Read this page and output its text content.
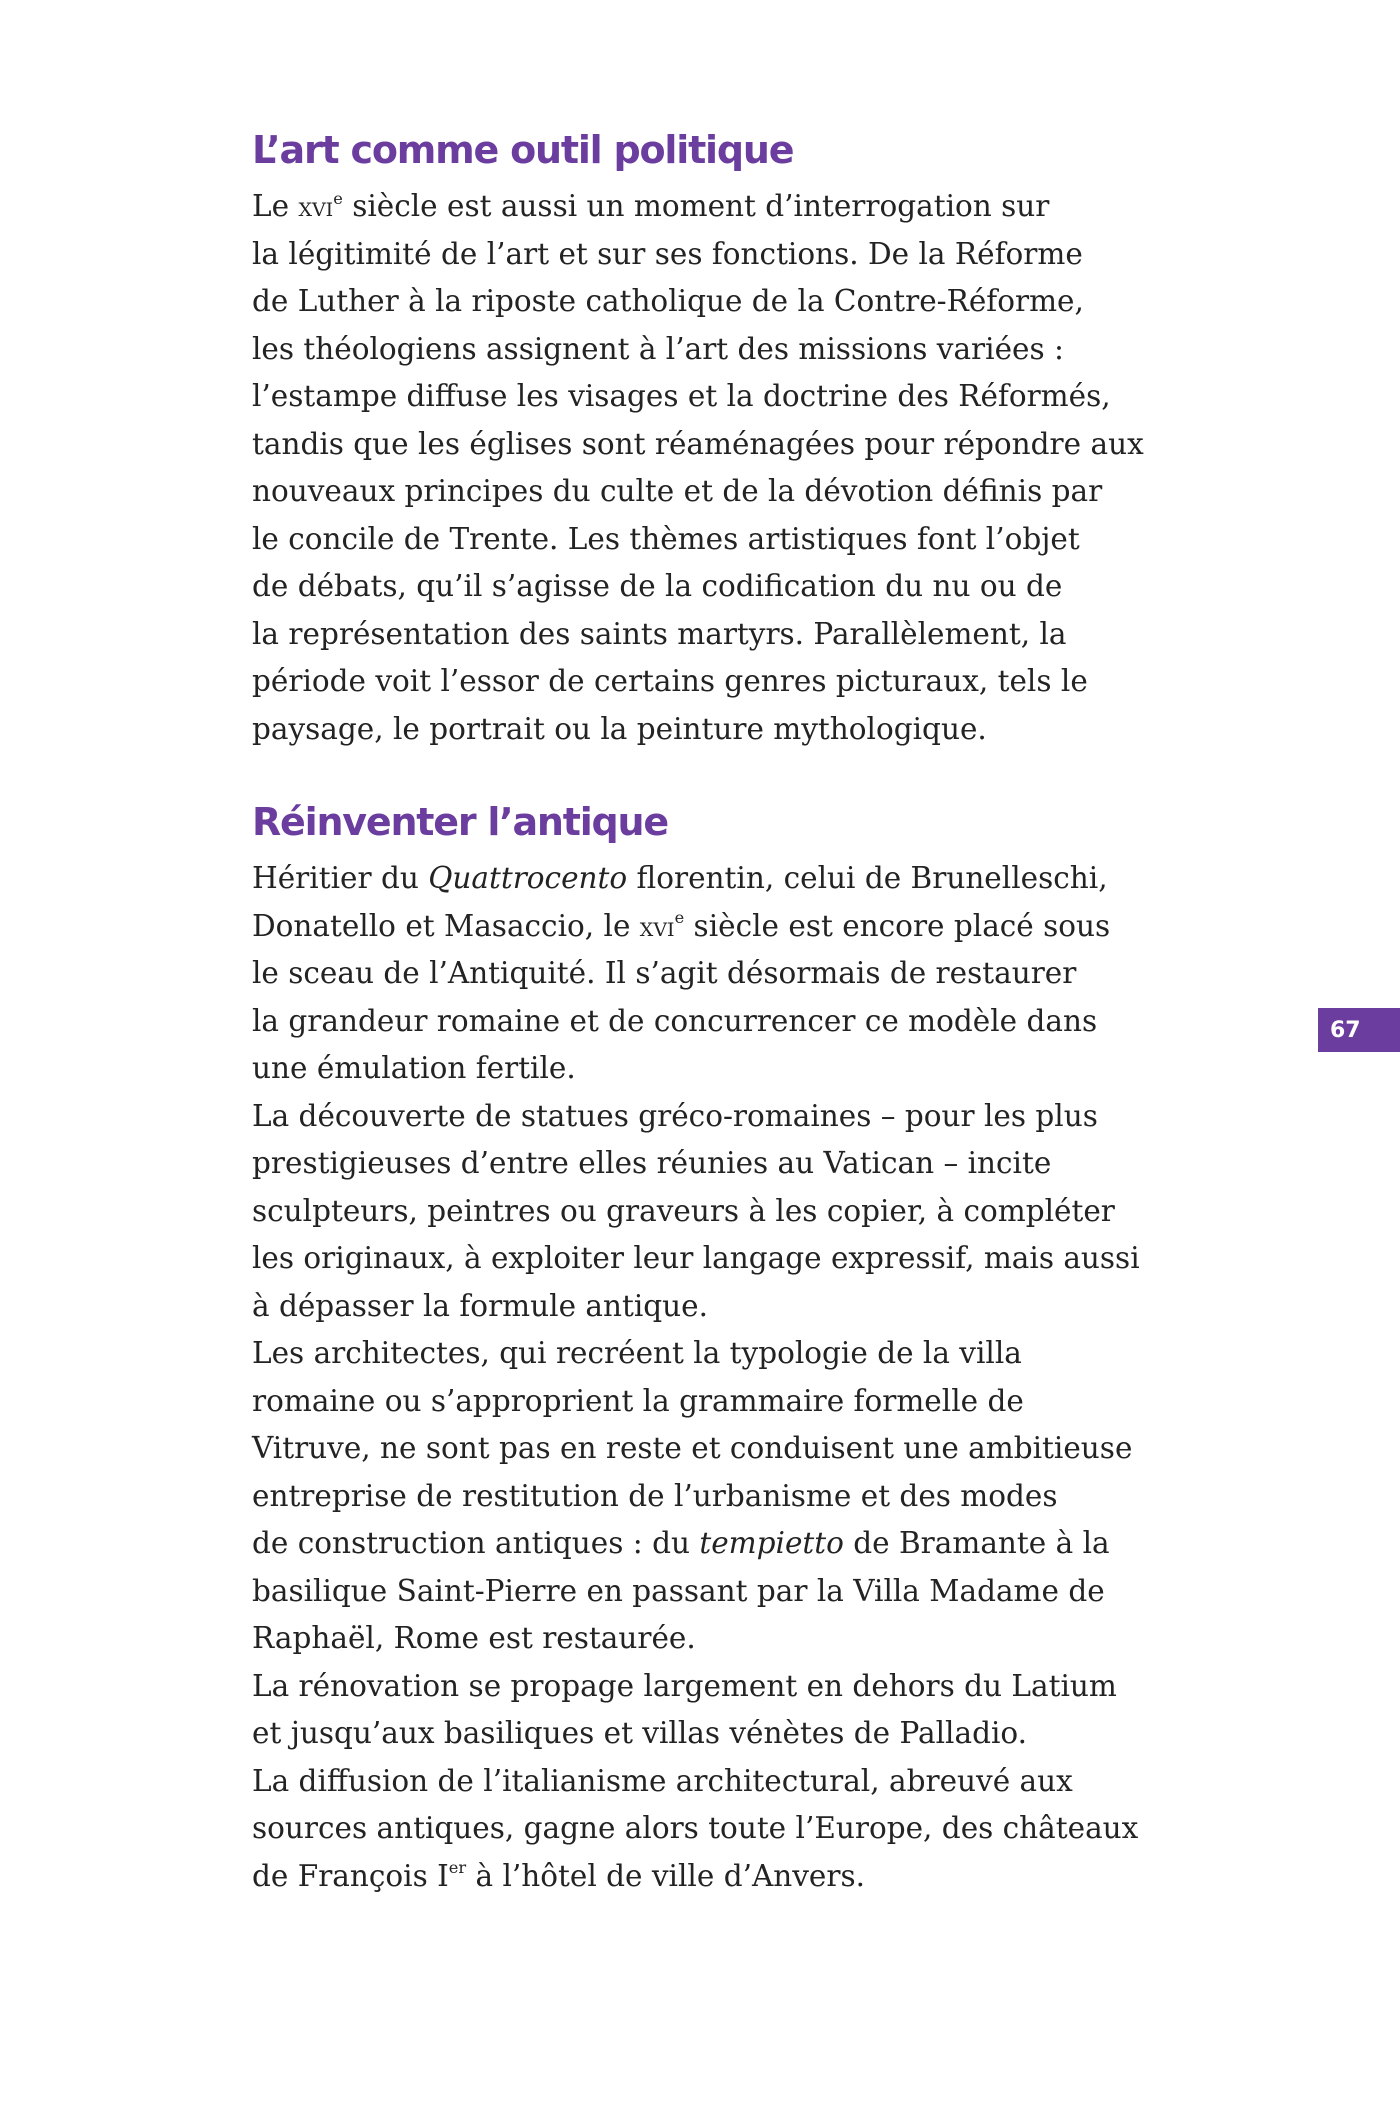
L’art comme outil politique

Le xvi$^e$ siècle est aussi un moment d’interrogation sur
la légitimité de l’art et sur ses fonctions. De la Réforme
de Luther à la riposte catholique de la Contre-Réforme,
les théologiens assignent à l’art des missions variées :
l’estampe diffuse les visages et la doctrine des Réformés,
tandis que les églises sont réaménagées pour répondre aux
nouveaux principes du culte et de la dévotion définis par
le concile de Trente. Les thèmes artistiques font l’objet
de débats, qu’il s’agisse de la codification du nu ou de
la représentation des saints martyrs. Parallèlement, la
période voit l’essor de certains genres picturaux, tels le
paysage, le portrait ou la peinture mythologique.

Réinventer l’antique

Héritier du Quattrocento florentin, celui de Brunelleschi,
Donatello et Masaccio, le xvi$^e$ siècle est encore placé sous
le sceau de l’Antiquité. Il s’agit désormais de restaurer
la grandeur romaine et de concurrencer ce modèle dans
une émulation fertile.
La découverte de statues gréco-romaines – pour les plus
prestigieuses d’entre elles réunies au Vatican – incite
sculpteurs, peintres ou graveurs à les copier, à compléter
les originaux, à exploiter leur langage expressif, mais aussi
à dépasser la formule antique.
Les architectes, qui recréent la typologie de la villa
romaine ou s’approprient la grammaire formelle de
Vitruve, ne sont pas en reste et conduisent une ambitieuse
entreprise de restitution de l’urbanisme et des modes
de construction antiques : du tempietto de Bramante à la
basilique Saint-Pierre en passant par la Villa Madame de
Raphaël, Rome est restaurée.
La rénovation se propage largement en dehors du Latium
et jusqu’aux basiliques et villas vénètes de Palladio.
La diffusion de l’italianisme architectural, abreuvé aux
sources antiques, gagne alors toute l’Europe, des châteaux
de François Ier à l’hôtel de ville d’Anvers.

67
